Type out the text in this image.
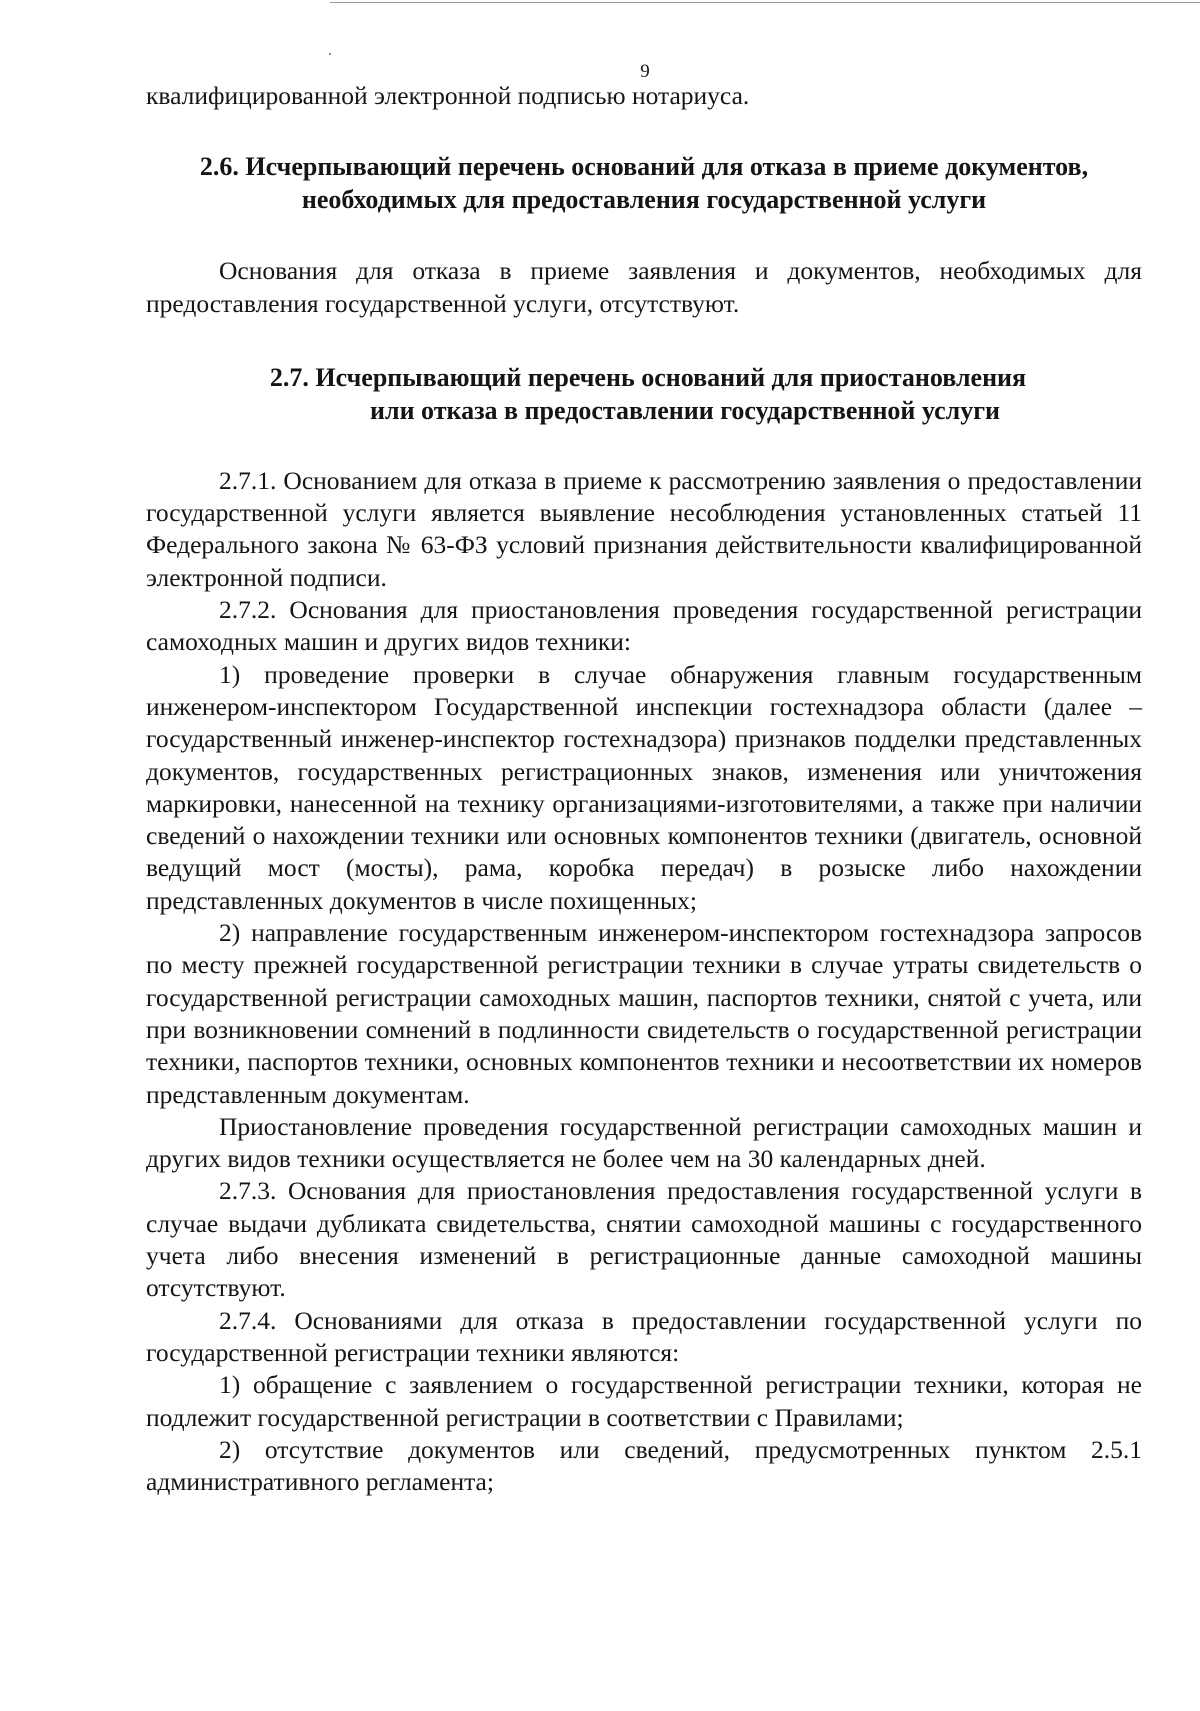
9

квалифицированной электронной подписью нотариуса.

2.6. Исчерпывающий перечень оснований для отказа в приеме документов,
необходимых для предоставления государственной услуги

Основания для отказа в приеме заявления и документов, необходимых для предоставления государственной услуги, отсутствуют.

2.7. Исчерпывающий перечень оснований для приостановления
или отказа в предоставлении государственной услуги

2.7.1. Основанием для отказа в приеме к рассмотрению заявления о предоставлении государственной услуги является выявление несоблюдения установленных статьей 11 Федерального закона № 63-ФЗ условий признания действительности квалифицированной электронной подписи.

2.7.2. Основания для приостановления проведения государственной регистрации самоходных машин и других видов техники:

1) проведение проверки в случае обнаружения главным государственным инженером-инспектором Государственной инспекции гостехнадзора области (далее – государственный инженер-инспектор гостехнадзора) признаков подделки представленных документов, государственных регистрационных знаков, изменения или уничтожения маркировки, нанесенной на технику организациями-изготовителями, а также при наличии сведений о нахождении техники или основных компонентов техники (двигатель, основной ведущий мост (мосты), рама, коробка передач) в розыске либо нахождении представленных документов в числе похищенных;

2) направление государственным инженером-инспектором гостехнадзора запросов по месту прежней государственной регистрации техники в случае утраты свидетельств о государственной регистрации самоходных машин, паспортов техники, снятой с учета, или при возникновении сомнений в подлинности свидетельств о государственной регистрации техники, паспортов техники, основных компонентов техники и несоответствии их номеров представленным документам.

Приостановление проведения государственной регистрации самоходных машин и других видов техники осуществляется не более чем на 30 календарных дней.

2.7.3. Основания для приостановления предоставления государственной услуги в случае выдачи дубликата свидетельства, снятии самоходной машины с государственного учета либо внесения изменений в регистрационные данные самоходной машины отсутствуют.

2.7.4. Основаниями для отказа в предоставлении государственной услуги по государственной регистрации техники являются:

1) обращение с заявлением о государственной регистрации техники, которая не подлежит государственной регистрации в соответствии с Правилами;

2) отсутствие документов или сведений, предусмотренных пунктом 2.5.1 административного регламента;
